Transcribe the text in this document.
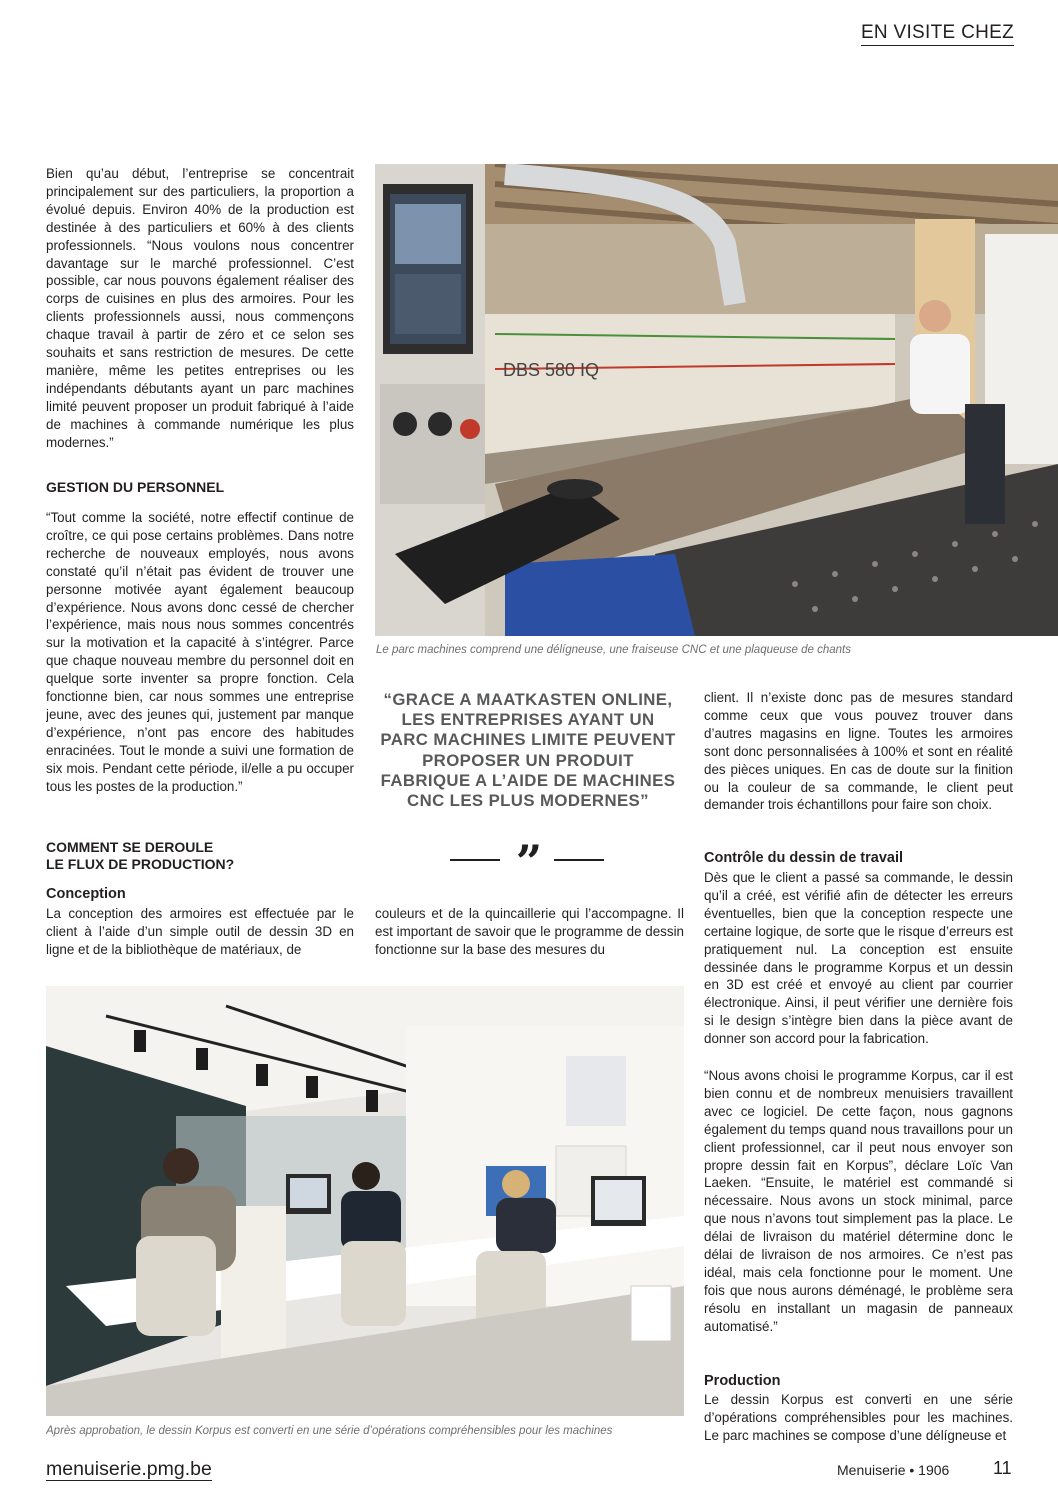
EN VISITE CHEZ
Bien qu’au début, l’entreprise se concentrait principalement sur des particuliers, la proportion a évolué depuis. Environ 40% de la production est destinée à des particuliers et 60% à des clients professionnels. “Nous voulons nous concentrer davantage sur le marché professionnel. C’est possible, car nous pouvons également réaliser des corps de cuisines en plus des armoires. Pour les clients professionnels aussi, nous commençons chaque travail à partir de zéro et ce selon ses souhaits et sans restriction de mesures. De cette manière, même les petites entreprises ou les indépendants débutants ayant un parc machines limité peuvent proposer un produit fabriqué à l’aide de machines à commande numérique les plus modernes.”
GESTION DU PERSONNEL
“Tout comme la société, notre effectif continue de croître, ce qui pose certains problèmes. Dans notre recherche de nouveaux employés, nous avons constaté qu’il n’était pas évident de trouver une personne motivée ayant également beaucoup d’expérience. Nous avons donc cessé de chercher l’expérience, mais nous nous sommes concentrés sur la motivation et la capacité à s’intégrer. Parce que chaque nouveau membre du personnel doit en quelque sorte inventer sa propre fonction. Cela fonctionne bien, car nous sommes une entreprise jeune, avec des jeunes qui, justement par manque d’expérience, n’ont pas encore des habitudes enracinées. Tout le monde a suivi une formation de six mois. Pendant cette période, il/elle a pu occuper tous les postes de la production.”
COMMENT SE DEROULE
LE FLUX DE PRODUCTION?
Conception
La conception des armoires est effectuée par le client à l’aide d’un simple outil de dessin 3D en ligne et de la bibliothèque de matériaux, de
DBS 580 IQ
Le parc machines comprend une délígneuse, une fraiseuse CNC et une plaqueuse de chants
“GRACE A MAATKASTEN ONLINE, LES ENTREPRISES AYANT UN PARC MACHINES LIMITE PEUVENT PROPOSER UN PRODUIT FABRIQUE A L’AIDE DE MACHINES CNC LES PLUS MODERNES”
”
couleurs et de la quincaillerie qui l’accompagne. Il est important de savoir que le programme de dessin fonctionne sur la base des mesures du
client. Il n’existe donc pas de mesures standard comme ceux que vous pouvez trouver dans d’autres magasins en ligne. Toutes les armoires sont donc personnalisées à 100% et sont en réalité des pièces uniques. En cas de doute sur la finition ou la couleur de sa commande, le client peut demander trois échantillons pour faire son choix.
Contrôle du dessin de travail
Dès que le client a passé sa commande, le dessin qu’il a créé, est vérifié afin de détecter les erreurs éventuelles, bien que la conception respecte une certaine logique, de sorte que le risque d’erreurs est pratiquement nul. La conception est ensuite dessinée dans le programme Korpus et un dessin en 3D est créé et envoyé au client par courrier électronique. Ainsi, il peut vérifier une dernière fois si le design s’intègre bien dans la pièce avant de donner son accord pour la fabrication.
“Nous avons choisi le programme Korpus, car il est bien connu et de nombreux menuisiers travaillent avec ce logiciel. De cette façon, nous gagnons également du temps quand nous travaillons pour un client professionnel, car il peut nous envoyer son propre dessin fait en Korpus”, déclare Loïc Van Laeken. “Ensuite, le matériel est commandé si nécessaire. Nous avons un stock minimal, parce que nous n’avons tout simplement pas la place. Le délai de livraison du matériel détermine donc le délai de livraison de nos armoires. Ce n’est pas idéal, mais cela fonctionne pour le moment. Une fois que nous aurons déménagé, le problème sera résolu en installant un magasin de panneaux automatisé.”
Production
Le dessin Korpus est converti en une série d’opérations compréhensibles pour les machines. Le parc machines se compose d’une délígneuse et
Après approbation, le dessin Korpus est converti en une série d’opérations compréhensibles pour les machines
menuiserie.pmg.be	Menuiserie • 1906 11
